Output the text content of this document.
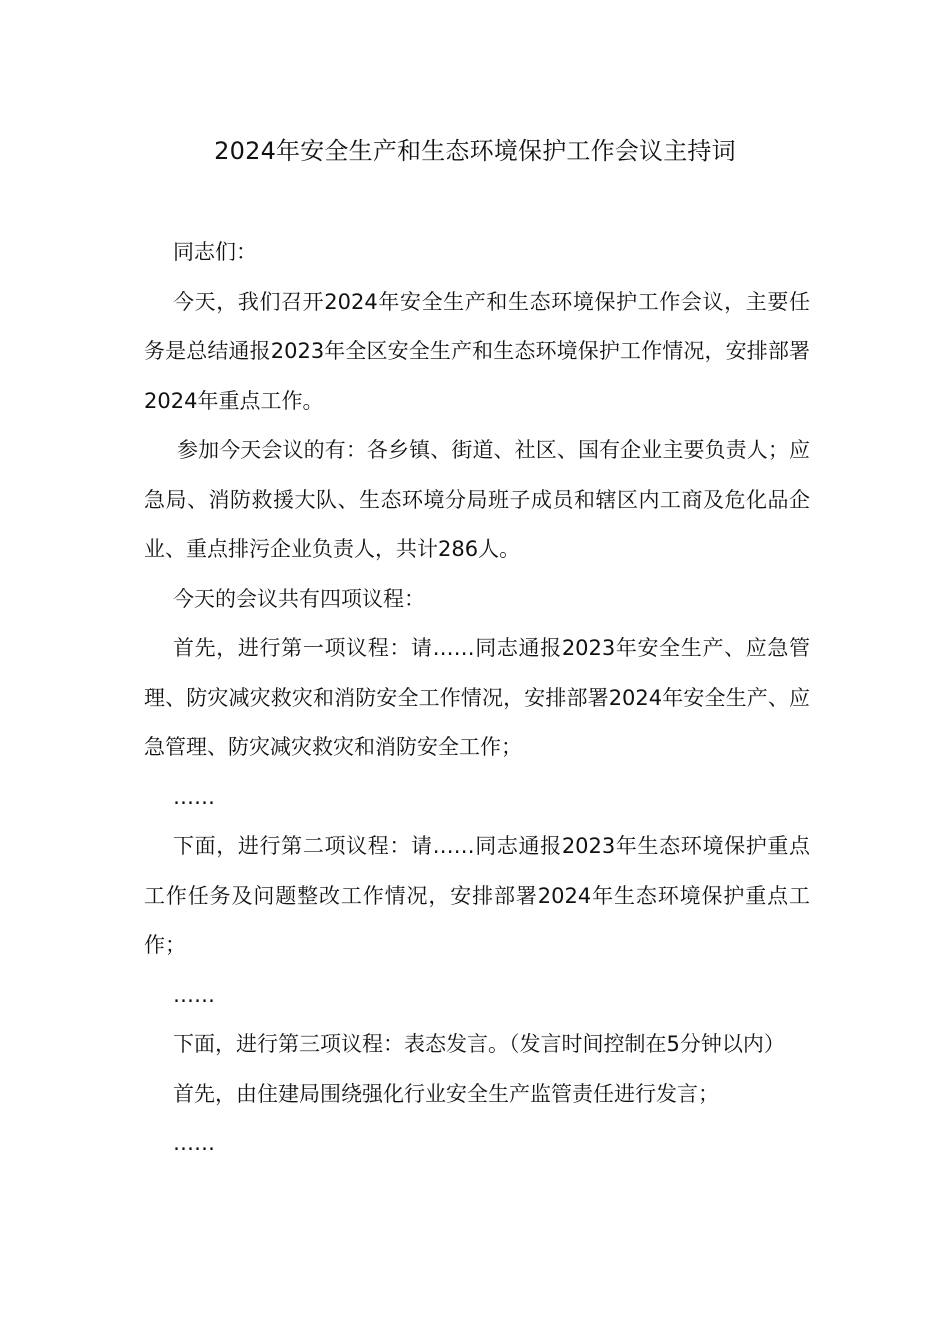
2024年安全生产和生态环境保护工作会议主持词

同志们：

今天，我们召开2024年安全生产和生态环境保护工作会议，主要任务是总结通报2023年全区安全生产和生态环境保护工作情况，安排部署2024年重点工作。

参加今天会议的有：各乡镇、街道、社区、国有企业主要负责人；应急局、消防救援大队、生态环境分局班子成员和辖区内工商及危化品企业、重点排污企业负责人，共计286人。

今天的会议共有四项议程：

首先，进行第一项议程：请……同志通报2023年安全生产、应急管理、防灾减灾救灾和消防安全工作情况，安排部署2024年安全生产、应急管理、防灾减灾救灾和消防安全工作；

……

下面，进行第二项议程：请……同志通报2023年生态环境保护重点工作任务及问题整改工作情况，安排部署2024年生态环境保护重点工作；

……

下面，进行第三项议程：表态发言。（发言时间控制在5分钟以内）

首先，由住建局围绕强化行业安全生产监管责任进行发言；

……
